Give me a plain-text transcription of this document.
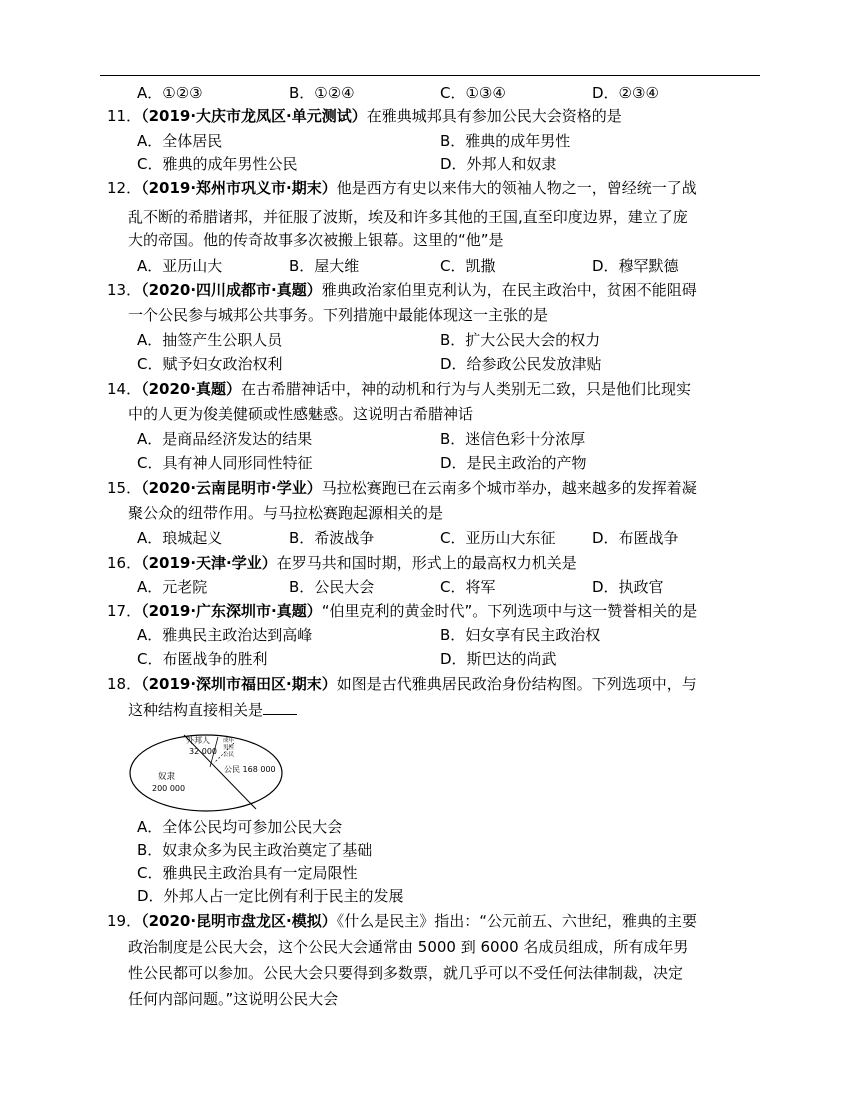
A．①②③	B．①②④	C．①③④	D．②③④
11．（2019·大庆市龙凤区·单元测试）在雅典城邦具有参加公民大会资格的是
A．全体居民	B．雅典的成年男性
C．雅典的成年男性公民	D．外邦人和奴隶
12．（2019·郑州市巩义市·期末）他是西方有史以来伟大的领袖人物之一，曾经统一了战
乱不断的希腊诸邦，并征服了波斯，埃及和许多其他的王国,直至印度边界，建立了庞
大的帝国。他的传奇故事多次被搬上银幕。这里的“他”是
A．亚历山大	B．屋大维	C．凯撒	D．穆罕默德
13．（2020·四川成都市·真题）雅典政治家伯里克利认为，在民主政治中，贫困不能阻碍
一个公民参与城邦公共事务。下列措施中最能体现这一主张的是
A．抽签产生公职人员	B．扩大公民大会的权力
C．赋予妇女政治权利	D．给参政公民发放津贴
14．（2020·真题）在古希腊神话中，神的动机和行为与人类别无二致，只是他们比现实
中的人更为俊美健硕或性感魅惑。这说明古希腊神话
A．是商品经济发达的结果	B．迷信色彩十分浓厚
C．具有神人同形同性特征	D．是民主政治的产物
15．（2020·云南昆明市·学业）马拉松赛跑已在云南多个城市举办，越来越多的发挥着凝
聚公众的纽带作用。与马拉松赛跑起源相关的是
A．琅城起义	B．希波战争	C．亚历山大东征 D．布匿战争
16．（2019·天津·学业）在罗马共和国时期，形式上的最高权力机关是
A．元老院	B．公民大会	C．将军	D．执政官
17．（2019·广东深圳市·真题）“伯里克利的黄金时代”。下列选项中与这一赞誉相关的是
A．雅典民主政治达到高峰	B．妇女享有民主政治权
C．布匿战争的胜利	D．斯巴达的尚武
18．（2019·深圳市福田区·期末）如图是古代雅典居民政治身份结构图。下列选项中，与
这种结构直接相关是
外邦人
32 000
成年
男性
公民
公民 168 000
奴隶
200 000
A．全体公民均可参加公民大会
B．奴隶众多为民主政治奠定了基础
C．雅典民主政治具有一定局限性
D．外邦人占一定比例有利于民主的发展
19．（2020·昆明市盘龙区·模拟）《什么是民主》指出：“公元前五、六世纪，雅典的主要
政治制度是公民大会，这个公民大会通常由 5000 到 6000 名成员组成，所有成年男
性公民都可以参加。公民大会只要得到多数票，就几乎可以不受任何法律制裁，决定
任何内部问题。”这说明公民大会
